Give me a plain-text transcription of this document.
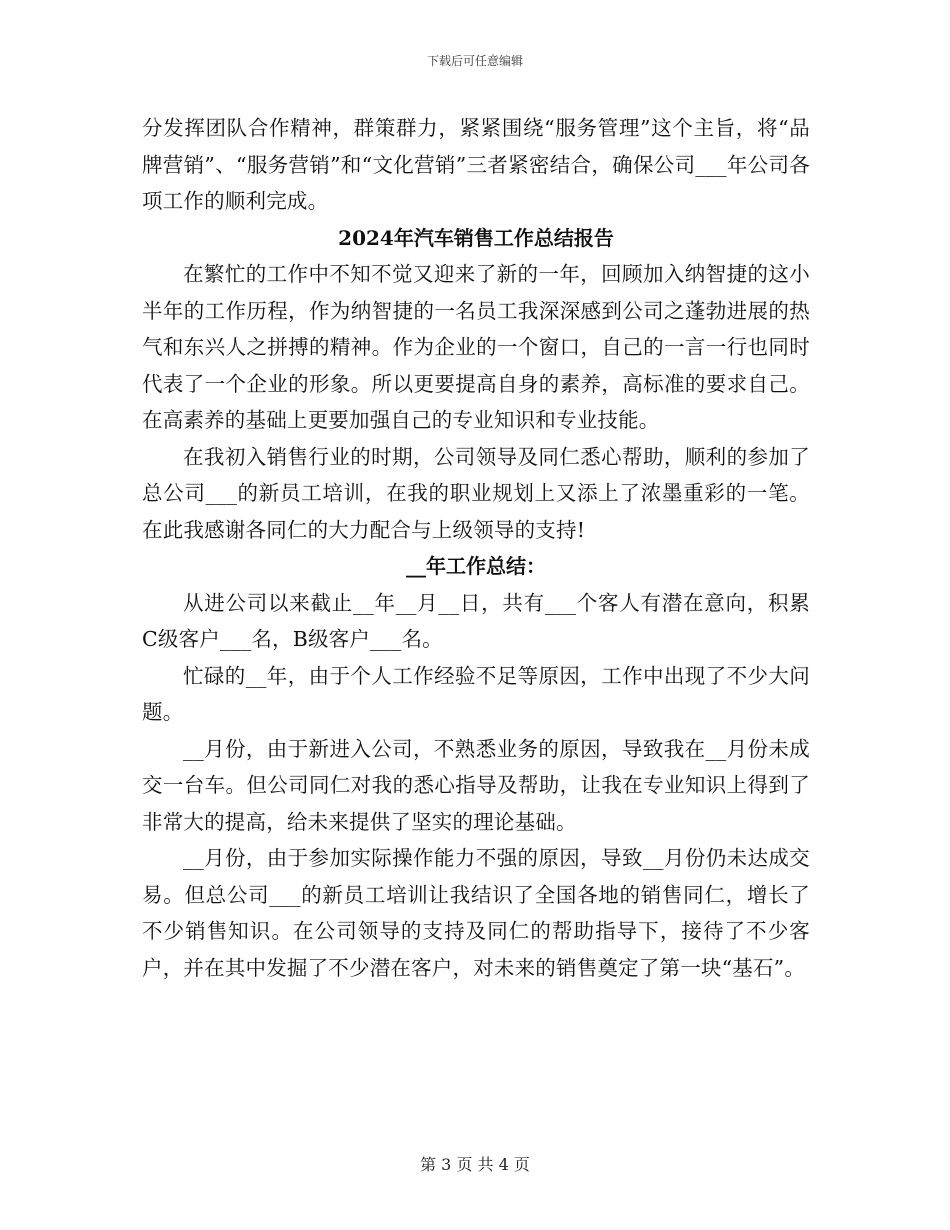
下载后可任意编辑

分发挥团队合作精神，群策群力，紧紧围绕“服务管理”这个主旨，将“品牌营销”、“服务营销”和“文化营销”三者紧密结合，确保公司___年公司各项工作的顺利完成。

2024年汽车销售工作总结报告

在繁忙的工作中不知不觉又迎来了新的一年，回顾加入纳智捷的这小半年的工作历程，作为纳智捷的一名员工我深深感到公司之蓬勃进展的热气和东兴人之拼搏的精神。作为企业的一个窗口，自己的一言一行也同时代表了一个企业的形象。所以更要提高自身的素养，高标准的要求自己。在高素养的基础上更要加强自己的专业知识和专业技能。

在我初入销售行业的时期，公司领导及同仁悉心帮助，顺利的参加了总公司___的新员工培训，在我的职业规划上又添上了浓墨重彩的一笔。在此我感谢各同仁的大力配合与上级领导的支持!

__年工作总结：

从进公司以来截止__年__月__日，共有___个客人有潜在意向，积累C级客户___名，B级客户___名。

忙碌的__年，由于个人工作经验不足等原因，工作中出现了不少大问题。

__月份，由于新进入公司，不熟悉业务的原因，导致我在__月份未成交一台车。但公司同仁对我的悉心指导及帮助，让我在专业知识上得到了非常大的提高，给未来提供了坚实的理论基础。

__月份，由于参加实际操作能力不强的原因，导致__月份仍未达成交易。但总公司___的新员工培训让我结识了全国各地的销售同仁，增长了不少销售知识。在公司领导的支持及同仁的帮助指导下，接待了不少客户，并在其中发掘了不少潜在客户，对未来的销售奠定了第一块“基石”。

第 3 页 共 4 页
